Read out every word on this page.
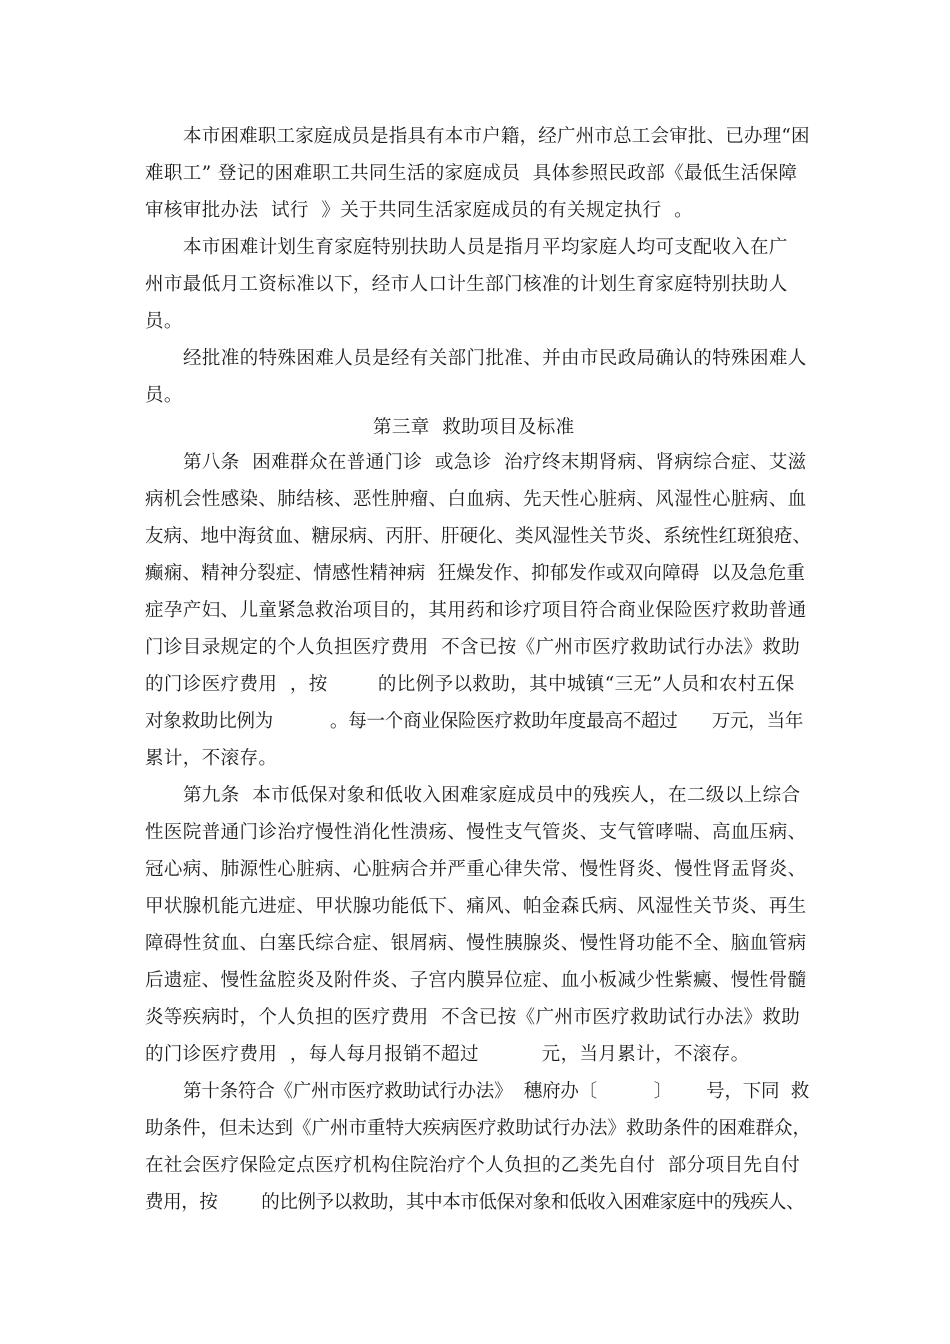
本市困难职工家庭成员是指具有本市户籍，经广州市总工会审批、已办理“困
难职工” 登记的困难职工共同生活的家庭成员  具体参照民政部《最低生活保障
审核审批办法  试行  》关于共同生活家庭成员的有关规定执行  。
本市困难计划生育家庭特别扶助人员是指月平均家庭人均可支配收入在广
州市最低月工资标准以下，经市人口计生部门核准的计划生育家庭特别扶助人
员。
经批准的特殊困难人员是经有关部门批准、并由市民政局确认的特殊困难人
员。
第三章  救助项目及标准
第八条  困难群众在普通门诊  或急诊  治疗终末期肾病、肾病综合症、艾滋
病机会性感染、肺结核、恶性肿瘤、白血病、先天性心脏病、风湿性心脏病、血
友病、地中海贫血、糖尿病、丙肝、肝硬化、类风湿性关节炎、系统性红斑狼疮、
癫痫、精神分裂症、情感性精神病  狂燥发作、抑郁发作或双向障碍  以及急危重
症孕产妇、儿童紧急救治项目的，其用药和诊疗项目符合商业保险医疗救助普通
门诊目录规定的个人负担医疗费用  不含已按《广州市医疗救助试行办法》救助
的门诊医疗费用  ，按        的比例予以救助，其中城镇“三无”人员和农村五保
对象救助比例为          。每一个商业保险医疗救助年度最高不超过      万元，当年
累计，不滚存。
第九条  本市低保对象和低收入困难家庭成员中的残疾人，在二级以上综合
性医院普通门诊治疗慢性消化性溃疡、慢性支气管炎、支气管哮喘、高血压病、
冠心病、肺源性心脏病、心脏病合并严重心律失常、慢性肾炎、慢性肾盂肾炎、
甲状腺机能亢进症、甲状腺功能低下、痛风、帕金森氏病、风湿性关节炎、再生
障碍性贫血、白塞氏综合症、银屑病、慢性胰腺炎、慢性肾功能不全、脑血管病
后遗症、慢性盆腔炎及附件炎、子宫内膜异位症、血小板减少性紫癜、慢性骨髓
炎等疾病时，个人负担的医疗费用  不含已按《广州市医疗救助试行办法》救助
的门诊医疗费用  ，每人每月报销不超过          元，当月累计，不滚存。
第十条符合《广州市医疗救助试行办法》  穗府办〔          〕      号，下同  救
助条件，但未达到《广州市重特大疾病医疗救助试行办法》救助条件的困难群众，
在社会医疗保险定点医疗机构住院治疗个人负担的乙类先自付  部分项目先自付
费用，按        的比例予以救助，其中本市低保对象和低收入困难家庭中的残疾人、
